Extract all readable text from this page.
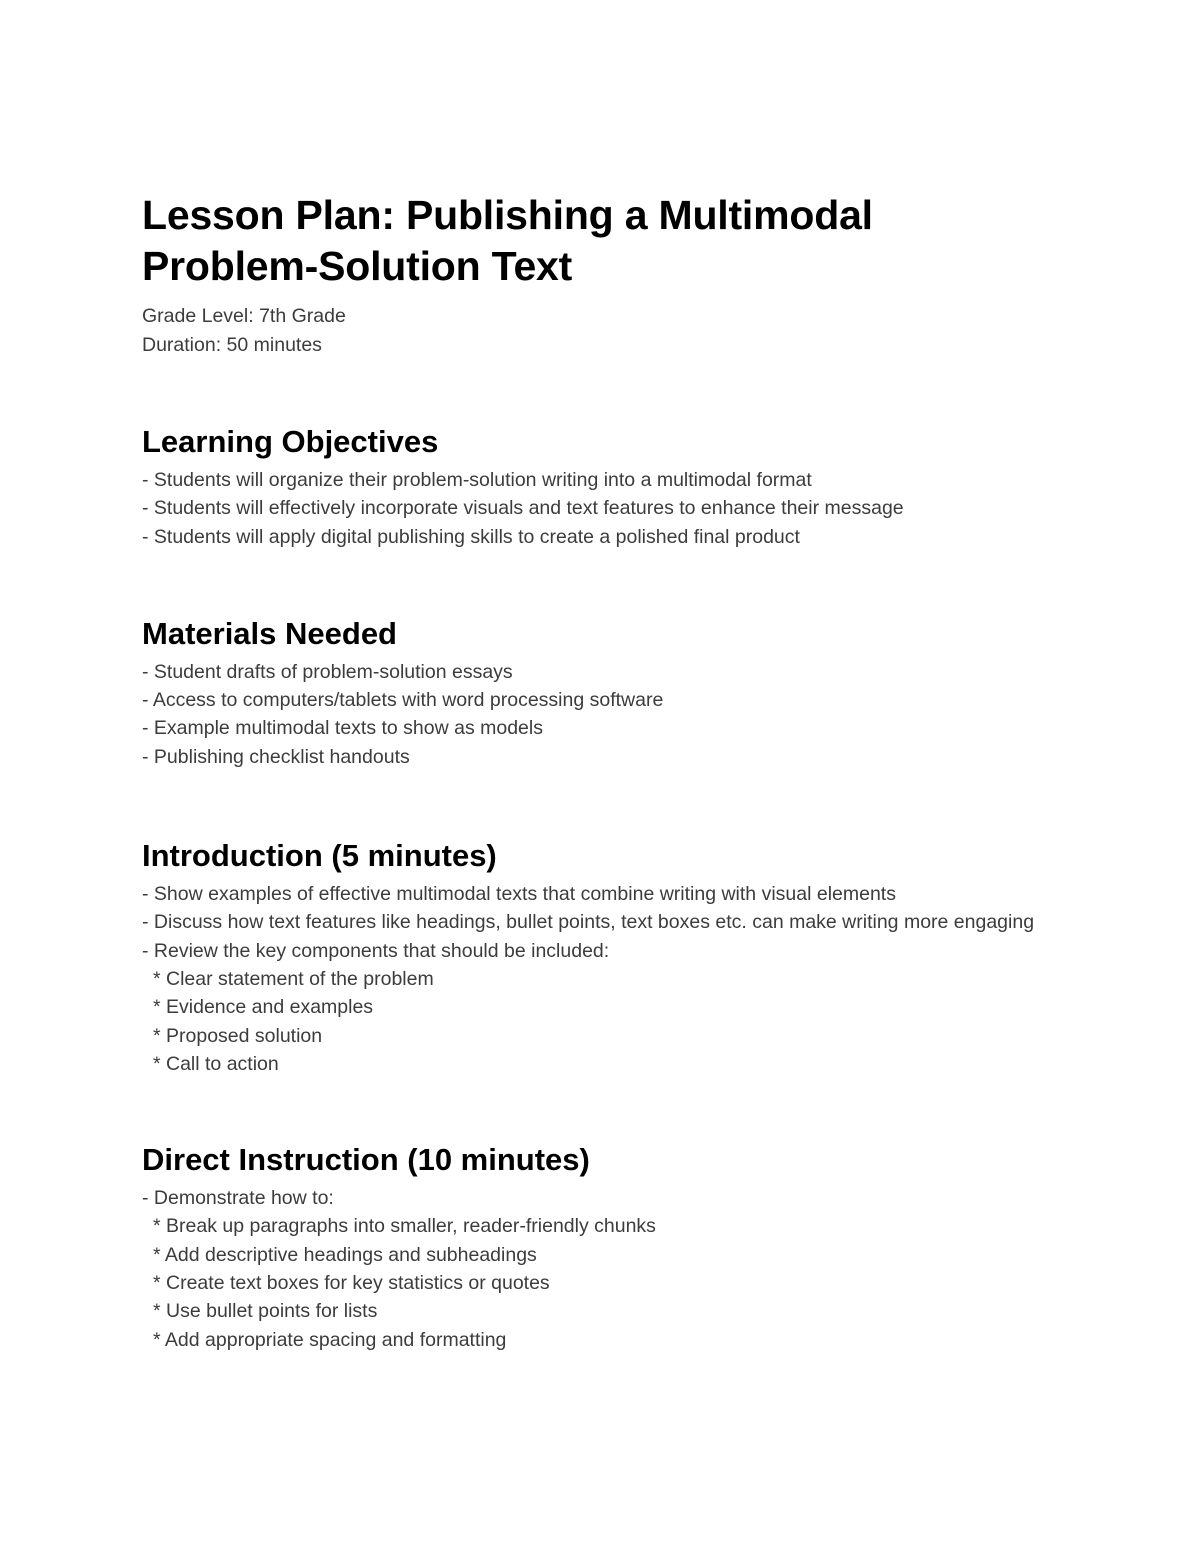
Lesson Plan: Publishing a Multimodal Problem-Solution Text
Grade Level: 7th Grade
Duration: 50 minutes
Learning Objectives
- Students will organize their problem-solution writing into a multimodal format
- Students will effectively incorporate visuals and text features to enhance their message
- Students will apply digital publishing skills to create a polished final product
Materials Needed
- Student drafts of problem-solution essays
- Access to computers/tablets with word processing software
- Example multimodal texts to show as models
- Publishing checklist handouts
Introduction (5 minutes)
- Show examples of effective multimodal texts that combine writing with visual elements
- Discuss how text features like headings, bullet points, text boxes etc. can make writing more engaging
- Review the key components that should be included:
* Clear statement of the problem
* Evidence and examples
* Proposed solution
* Call to action
Direct Instruction (10 minutes)
- Demonstrate how to:
* Break up paragraphs into smaller, reader-friendly chunks
* Add descriptive headings and subheadings
* Create text boxes for key statistics or quotes
* Use bullet points for lists
* Add appropriate spacing and formatting
